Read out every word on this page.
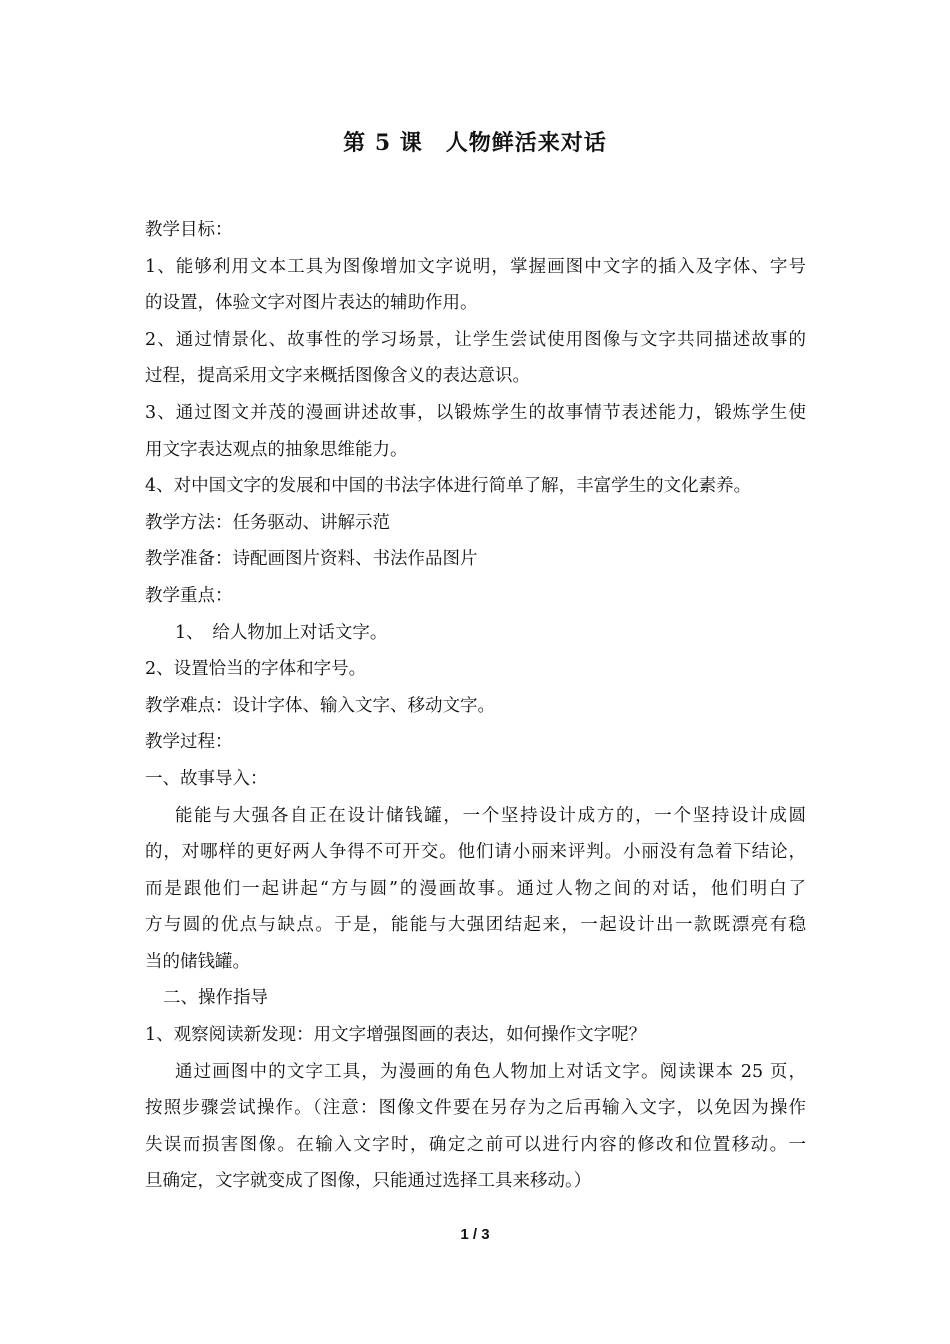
第 5 课　人物鲜活来对话
教学目标：
1、能够利用文本工具为图像增加文字说明，掌握画图中文字的插入及字体、字号
的设置，体验文字对图片表达的辅助作用。
2、通过情景化、故事性的学习场景，让学生尝试使用图像与文字共同描述故事的
过程，提高采用文字来概括图像含义的表达意识。
3、通过图文并茂的漫画讲述故事，以锻炼学生的故事情节表述能力，锻炼学生使
用文字表达观点的抽象思维能力。
4、对中国文字的发展和中国的书法字体进行简单了解，丰富学生的文化素养。
教学方法：任务驱动、讲解示范
教学准备：诗配画图片资料、书法作品图片
教学重点：
1、　给人物加上对话文字。
2、设置恰当的字体和字号。
教学难点：设计字体、输入文字、移动文字。
教学过程：
一、故事导入：
能能与大强各自正在设计储钱罐，一个坚持设计成方的，一个坚持设计成圆
的，对哪样的更好两人争得不可开交。他们请小丽来评判。小丽没有急着下结论，
而是跟他们一起讲起“方与圆”的漫画故事。通过人物之间的对话，他们明白了
方与圆的优点与缺点。于是，能能与大强团结起来，一起设计出一款既漂亮有稳
当的储钱罐。
二、操作指导
1、观察阅读新发现：用文字增强图画的表达，如何操作文字呢？
通过画图中的文字工具，为漫画的角色人物加上对话文字。阅读课本 25 页，
按照步骤尝试操作。（注意：图像文件要在另存为之后再输入文字，以免因为操作
失误而损害图像。在输入文字时，确定之前可以进行内容的修改和位置移动。一
旦确定，文字就变成了图像，只能通过选择工具来移动。）
1 / 3
